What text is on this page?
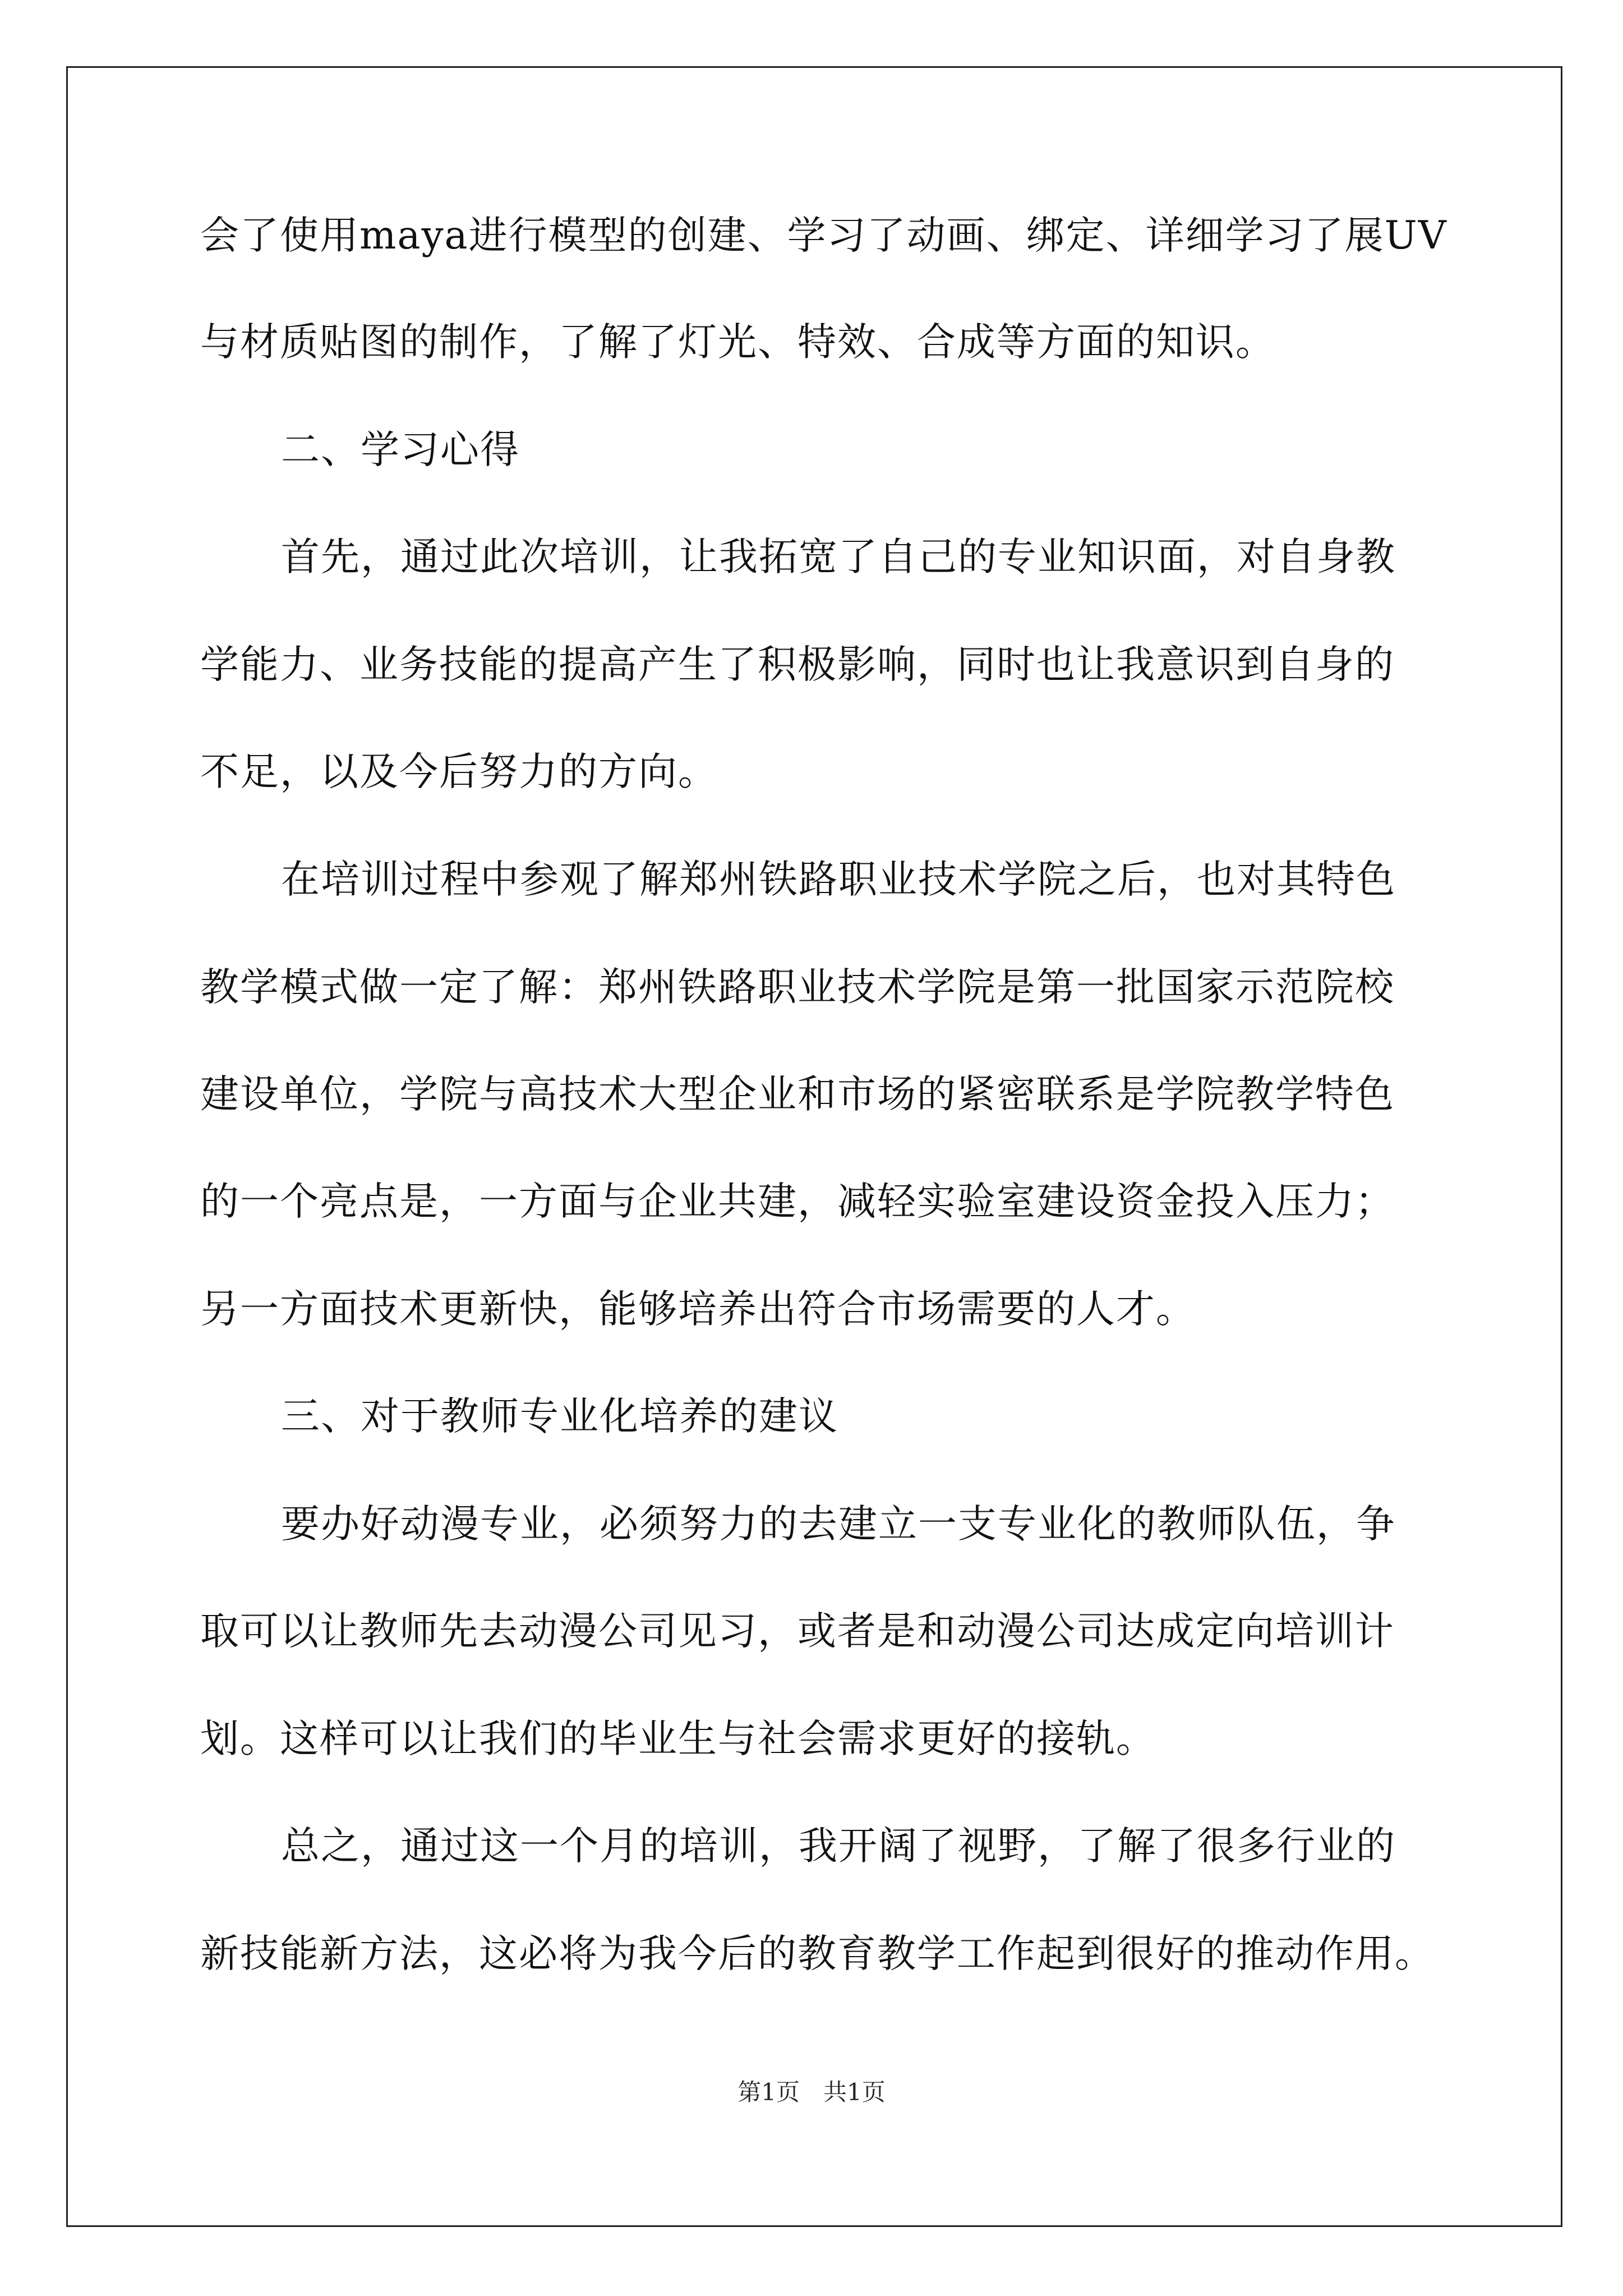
会了使用maya进行模型的创建、学习了动画、绑定、详细学习了展UV
与材质贴图的制作，了解了灯光、特效、合成等方面的知识。
二、学习心得
首先，通过此次培训，让我拓宽了自己的专业知识面，对自身教
学能力、业务技能的提高产生了积极影响，同时也让我意识到自身的
不足，以及今后努力的方向。
在培训过程中参观了解郑州铁路职业技术学院之后，也对其特色
教学模式做一定了解：郑州铁路职业技术学院是第一批国家示范院校
建设单位，学院与高技术大型企业和市场的紧密联系是学院教学特色
的一个亮点是，一方面与企业共建，减轻实验室建设资金投入压力；
另一方面技术更新快，能够培养出符合市场需要的人才。
三、对于教师专业化培养的建议
要办好动漫专业，必须努力的去建立一支专业化的教师队伍，争
取可以让教师先去动漫公司见习，或者是和动漫公司达成定向培训计
划。这样可以让我们的毕业生与社会需求更好的接轨。
总之，通过这一个月的培训，我开阔了视野，了解了很多行业的
新技能新方法，这必将为我今后的教育教学工作起到很好的推动作用。
第1页　共1页
